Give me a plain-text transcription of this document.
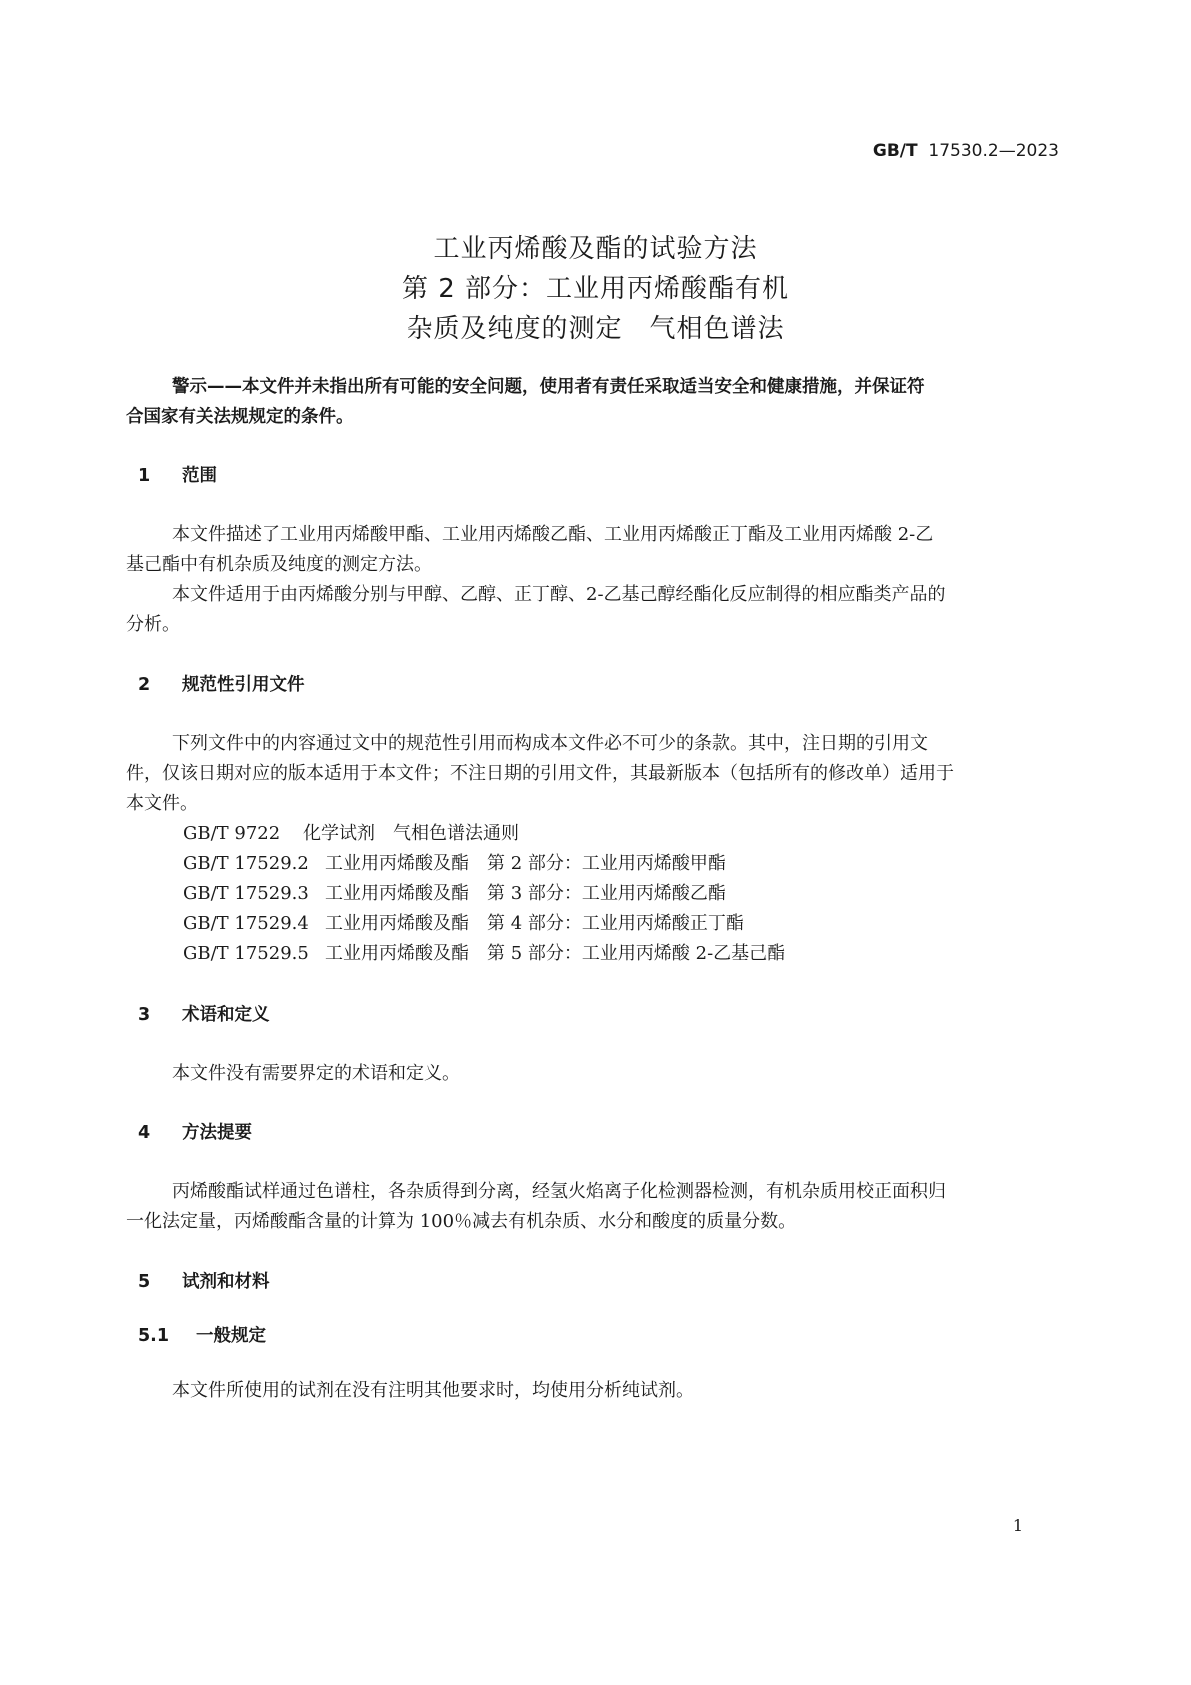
GB/T 17530.2—2023
工业丙烯酸及酯的试验方法
第 2 部分：工业用丙烯酸酯有机
杂质及纯度的测定　气相色谱法
警示——本文件并未指出所有可能的安全问题，使用者有责任采取适当安全和健康措施，并保证符
合国家有关法规规定的条件。
1 范围
本文件描述了工业用丙烯酸甲酯、工业用丙烯酸乙酯、工业用丙烯酸正丁酯及工业用丙烯酸 2-乙
基己酯中有机杂质及纯度的测定方法。
本文件适用于由丙烯酸分别与甲醇、乙醇、正丁醇、2-乙基己醇经酯化反应制得的相应酯类产品的
分析。
2 规范性引用文件
下列文件中的内容通过文中的规范性引用而构成本文件必不可少的条款。其中，注日期的引用文
件，仅该日期对应的版本适用于本文件；不注日期的引用文件，其最新版本（包括所有的修改单）适用于
本文件。
GB/T 9722 化学试剂　气相色谱法通则
GB/T 17529.2 工业用丙烯酸及酯　第 2 部分：工业用丙烯酸甲酯
GB/T 17529.3 工业用丙烯酸及酯　第 3 部分：工业用丙烯酸乙酯
GB/T 17529.4 工业用丙烯酸及酯　第 4 部分：工业用丙烯酸正丁酯
GB/T 17529.5 工业用丙烯酸及酯　第 5 部分：工业用丙烯酸 2-乙基己酯
3 术语和定义
本文件没有需要界定的术语和定义。
4 方法提要
丙烯酸酯试样通过色谱柱，各杂质得到分离，经氢火焰离子化检测器检测，有机杂质用校正面积归
一化法定量，丙烯酸酯含量的计算为 100％减去有机杂质、水分和酸度的质量分数。
5 试剂和材料
5.1 一般规定
本文件所使用的试剂在没有注明其他要求时，均使用分析纯试剂。
1
